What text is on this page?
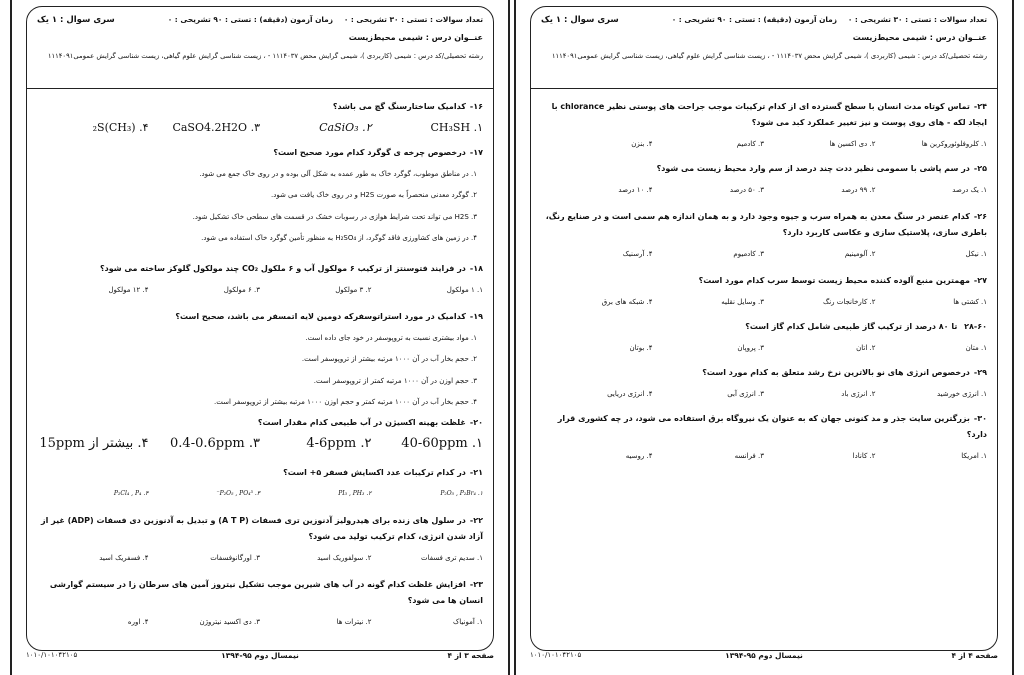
تعداد سوالات : تستی : ۳۰ تشریحی : ۰
زمان آزمون (دقیقه) : تستی : ۹۰ تشریحی : ۰
سری سوال : ۱ یک
عنــوان درس : شیمی محیط‌زیست
رشته تحصیلی/کد درس : شیمی (کاربردی )، شیمی گرایش محض ۱۱۱۴۰۳۷ - ، زیست شناسی گرایش علوم گیاهی، زیست شناسی گرایش عمومی۱۱۱۴۰۹۱
۱۶-کدامیک ساختارسنگ گچ می باشد؟
۱. CH₃SH
۲. CaSiO₃
۳. CaSO4.2H2O
۴. (CH₃)₂S
۱۷-درخصوص چرخه ی گوگرد کدام مورد صحیح است؟
۱. در مناطق موطوب، گوگرد خاک به طور عمده به شکل آلی بوده و در روی خاک جمع می شود.
۲. گوگرد معدنی منحصراً به صورت H2S و در روی خاک یافت می شود.
۳. H2S می تواند تحت شرایط هوازی در رسوبات خشک در قسمت های سطحی خاک تشکیل شود.
۴. در زمین های کشاورزی فاقد گوگرد، از H₂SO₄ به منظور تأمین گوگرد خاک استفاده می شود.
۱۸-در فرایند فتوسنتز از ترکیب ۶ مولکول آب و ۶ ملکول CO₂ چند مولکول گلوکز ساخته می شود؟
۱. ۱ مولکول
۲. ۳ مولکول
۳. ۶ مولکول
۴. ۱۲ مولکول
۱۹-کدامیک در مورد استراتوسفرکه دومین لایه اتمسفر می باشد، صحیح است؟
۱. مواد بیشتری نسبت به تروپوسفر در خود جای داده است.
۲. حجم بخار آب در آن ۱۰۰۰ مرتبه بیشتر از تروپوسفر است.
۳. حجم اوزن در آن ۱۰۰۰ مرتبه کمتر از تروپوسفر است.
۴. حجم بخار آب در آن ۱۰۰۰ مرتبه کمتر و حجم اوزن ۱۰۰۰ مرتبه بیشتر از تروپوسفر است.
۲۰-غلظت بهینه اکسیژن در آب طبیعی کدام مقدار است؟
۱. 40-60ppm
۲. 4-6ppm
۳. 0.4-0.6ppm
۴. بیشتر از 15ppm
۲۱-در کدام ترکیبات عدد اکسایش فسفر ۵+ است؟
۱. P₂O₅ , P₂Br₄
۲. PI₃ , PH₃
۳. P₂O₅ , PO₄³⁻
۴. P₂Cl₄ , P₄
۲۲-در سلول های زنده برای هیدرولیز آدنوزین تری فسفات (A T P) و تبدیل به آدنوزین دی فسفات (ADP) غیر از آزاد شدن انرژی، کدام ترکیب تولید می شود؟
۱. سدیم تری فسفات
۲. سولفوریک اسید
۳. اورگانوفسفات
۴. فسفریک اسید
۲۳-افزایش غلظت کدام گونه در آب های شیرین موجب تشکیل نیتروز آمین های سرطان زا در سیستم گوارشی انسان ها می شود؟
۱. آمونیاک
۲. نیترات ها
۳. دی اکسید نیتروژن
۴. اوره
صفحه ۳ از ۴
نیمسال دوم ۹۵-۱۳۹۴
۱۰۱۰/۱۰۱۰۴۲۱۰۵
تعداد سوالات : تستی : ۳۰ تشریحی : ۰
زمان آزمون (دقیقه) : تستی : ۹۰ تشریحی : ۰
سری سوال : ۱ یک
عنــوان درس : شیمی محیط‌زیست
رشته تحصیلی/کد درس : شیمی (کاربردی )، شیمی گرایش محض ۱۱۱۴۰۳۷ - ، زیست شناسی گرایش علوم گیاهی، زیست شناسی گرایش عمومی۱۱۱۴۰۹۱
۲۴-تماس کوتاه مدت انسان با سطح گسترده ای از کدام ترکیبات موجب جراحت های پوستی نظیر chlorance با ایجاد لکه - های روی پوست و نیز تغییر عملکرد کبد می شود؟
۱. کلروفلوئوروکربن ها
۲. دی اکسین ها
۳. کادمیم
۴. بنزن
۲۵-در سم پاشی با سمومی نظیر ددت چند درصد از سم وارد محیط زیست می شود؟
۱. یک درصد
۲. ۹۹ درصد
۳. ۵۰ درصد
۴. ۱۰ درصد
۲۶-کدام عنصر در سنگ معدن به همراه سرب و جیوه وجود دارد و به همان اندازه هم سمی است و در صنایع رنگ، باطری سازی، پلاستیک سازی و عکاسی کاربرد دارد؟
۱. نیکل
۲. آلومینیم
۳. کادمیوم
۴. آرسنیک
۲۷-مهمترین منبع آلوده کننده محیط زیست توسط سرب کدام مورد است؟
۱. کشتی ها
۲. کارخانجات رنگ
۳. وسایل نقلیه
۴. شبکه های برق
۲۸-۶۰ تا ۸۰ درصد از ترکیب گاز طبیعی شامل کدام گاز است؟
۱. متان
۲. اتان
۳. پروپان
۴. بوتان
۲۹-درخصوص انرژی های نو بالاترین نرخ رشد متعلق به کدام مورد است؟
۱. انرژی خورشید
۲. انرژی باد
۳. انرژی آبی
۴. انرژی دریایی
۳۰-بزرگترین سایت جذر و مد کنونی جهان که به عنوان یک نیروگاه برق استفاده می شود، در چه کشوری قرار دارد؟
۱. امریکا
۲. کانادا
۳. فرانسه
۴. روسیه
صفحه ۴ از ۴
نیمسال دوم ۹۵-۱۳۹۴
۱۰۱۰/۱۰۱۰۴۲۱۰۵
